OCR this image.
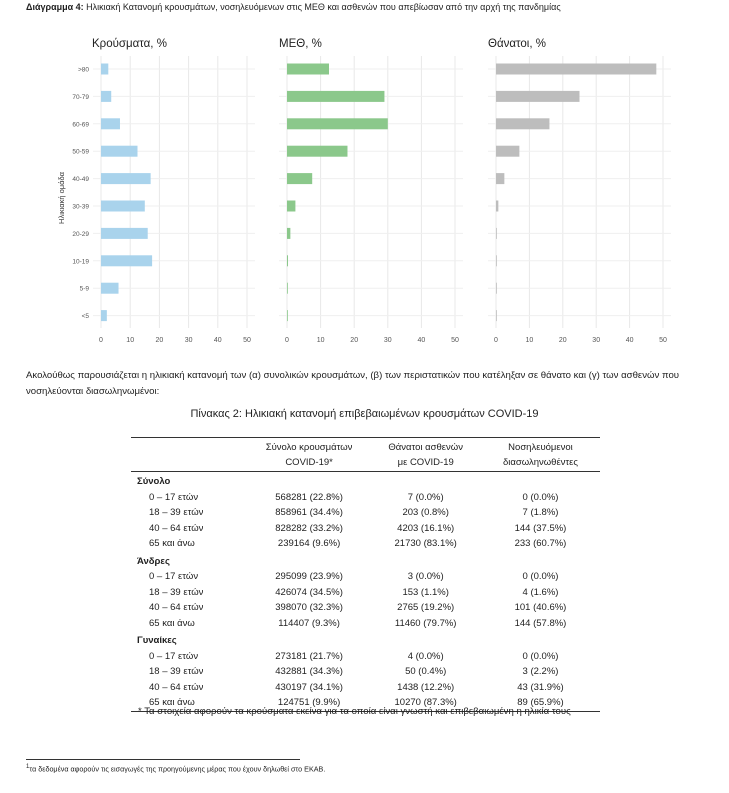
Διάγραμμα 4: Ηλικιακή Κατανομή κρουσμάτων, νοσηλευόμενων στις ΜΕΘ και ασθενών που απεβίωσαν από την αρχή της πανδημίας
0	10	20	30	40	50
>80
70-79
60-69
50-59
40-49
30-39
20-29
10-19
5-9
<5
Κρούσματα, %
0	10	20	30	40	50
ΜΕΘ, %
0	10	20	30	40	50
Θάνατοι, %
Ηλικιακή ομάδα
Ακολούθως παρουσιάζεται η ηλικιακή κατανομή των (α) συνολικών κρουσμάτων, (β) των περιστατικών που κατέληξαν σε θάνατο και (γ) των ασθενών που νοσηλεύονται διασωληνωμένοι:
Πίνακας 2: Ηλικιακή κατανομή επιβεβαιωμένων κρουσμάτων COVID-19
	Σύνολο κρουσμάτων COVID-19*	Θάνατοι ασθενών με COVID-19	Νοσηλευόμενοι διασωληνωθέντες
Σύνολο			
0 – 17 ετών	568281 (22.8%)	7 (0.0%)	0 (0.0%)
18 – 39 ετών	858961 (34.4%)	203 (0.8%)	7 (1.8%)
40 – 64 ετών	828282 (33.2%)	4203 (16.1%)	144 (37.5%)
65 και άνω	239164 (9.6%)	21730 (83.1%)	233 (60.7%)
Άνδρες			
0 – 17 ετών	295099 (23.9%)	3 (0.0%)	0 (0.0%)
18 – 39 ετών	426074 (34.5%)	153 (1.1%)	4 (1.6%)
40 – 64 ετών	398070 (32.3%)	2765 (19.2%)	101 (40.6%)
65 και άνω	114407 (9.3%)	11460 (79.7%)	144 (57.8%)
Γυναίκες			
0 – 17 ετών	273181 (21.7%)	4 (0.0%)	0 (0.0%)
18 – 39 ετών	432881 (34.3%)	50 (0.4%)	3 (2.2%)
40 – 64 ετών	430197 (34.1%)	1438 (12.2%)	43 (31.9%)
65 και άνω	124751 (9.9%)	10270 (87.3%)	89 (65.9%)
* Τα στοιχεία αφορούν τα κρούσματα εκείνα για τα οποία είναι γνωστή και επιβεβαιωμένη η ηλικία τους
$^1$τα δεδομένα αφορούν τις εισαγωγές της προηγούμενης μέρας που έχουν δηλωθεί στο ΕΚΑΒ.
